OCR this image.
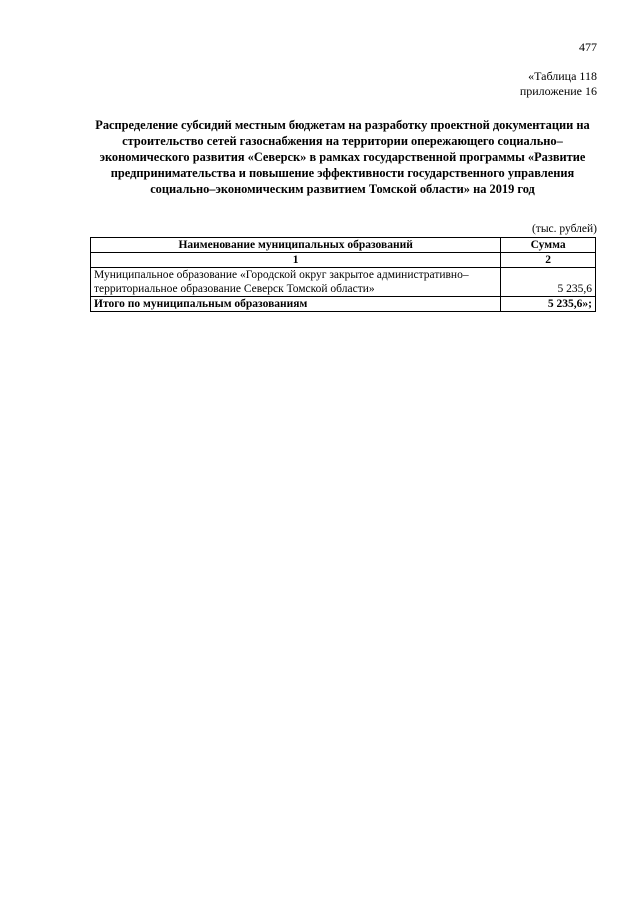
477
«Таблица 118
приложение 16
Распределение субсидий местным бюджетам на разработку проектной документации на строительство сетей газоснабжения на территории опережающего социально–экономического развития «Северск» в рамках государственной программы «Развитие предпринимательства и повышение эффективности государственного управления социально–экономическим развитием Томской области» на 2019 год
(тыс. рублей)
Наименование муниципальных образований	Сумма
1	2
Муниципальное образование «Городской округ закрытое административно–территориальное образование Северск Томской области»	5 235,6
Итого по муниципальным образованиям	5 235,6»;
